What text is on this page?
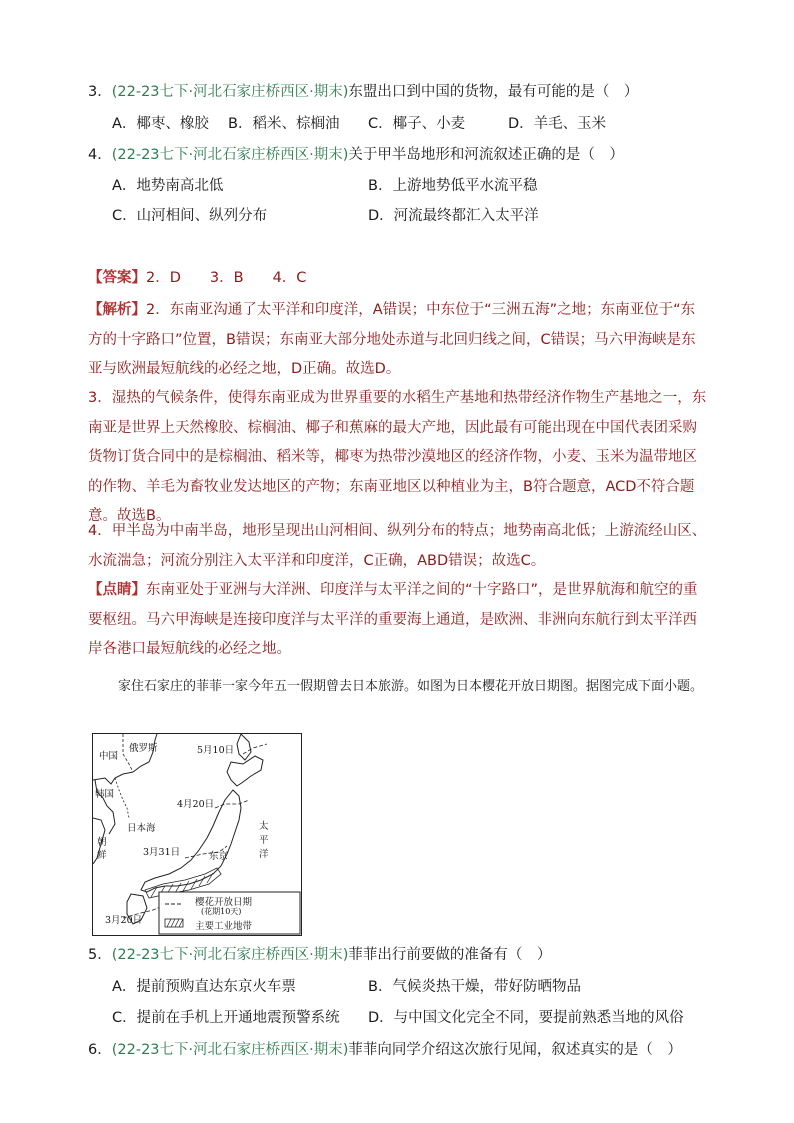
3．(22-23七下·河北石家庄桥西区·期末)东盟出口到中国的货物，最有可能的是（　）
A．椰枣、橡胶 B．稻米、棕榈油 C．椰子、小麦	D．羊毛、玉米
4．(22-23七下·河北石家庄桥西区·期末)关于甲半岛地形和河流叙述正确的是（　）
A．地势南高北低	B．上游地势低平水流平稳
C．山河相间、纵列分布	D．河流最终都汇入太平洋
【答案】2．D　　3．B　　4．C
【解析】2．东南亚沟通了太平洋和印度洋，A错误；中东位于“三洲五海”之地；东南亚位于“东方的十字路口”位置，B错误；东南亚大部分地处赤道与北回归线之间，C错误；马六甲海峡是东亚与欧洲最短航线的必经之地，D正确。故选D。
3．湿热的气候条件，使得东南亚成为世界重要的水稻生产基地和热带经济作物生产基地之一，东南亚是世界上天然橡胶、棕榈油、椰子和蕉麻的最大产地，因此最有可能出现在中国代表团采购货物订货合同中的是棕榈油、稻米等，椰枣为热带沙漠地区的经济作物，小麦、玉米为温带地区的作物、羊毛为畜牧业发达地区的产物；东南亚地区以种植业为主，B符合题意，ACD不符合题意。故选B。
4．甲半岛为中南半岛，地形呈现出山河相间、纵列分布的特点；地势南高北低；上游流经山区、水流湍急；河流分别注入太平洋和印度洋，C正确，ABD错误；故选C。
【点睛】东南亚处于亚洲与大洋洲、印度洋与太平洋之间的“十字路口”，是世界航海和航空的重要枢纽。马六甲海峡是连接印度洋与太平洋的重要海上通道，是欧洲、非洲向东航行到太平洋西岸各港口最短航线的必经之地。
家住石家庄的菲菲一家今年五一假期曾去日本旅游。如图为日本樱花开放日期图。据图完成下面小题。
中国
俄罗斯
韩国
朝
鲜
日本海	太
平
洋
东京
5月10日
4月20日
3月31日
3月20日
樱花开放日期
(花期10天)
主要工业地带
5．(22-23七下·河北石家庄桥西区·期末)菲菲出行前要做的准备有（　）
A．提前预购直达东京火车票	B．气候炎热干燥，带好防晒物品
C．提前在手机上开通地震预警系统 D．与中国文化完全不同，要提前熟悉当地的风俗
6．(22-23七下·河北石家庄桥西区·期末)菲菲向同学介绍这次旅行见闻，叙述真实的是（　）
